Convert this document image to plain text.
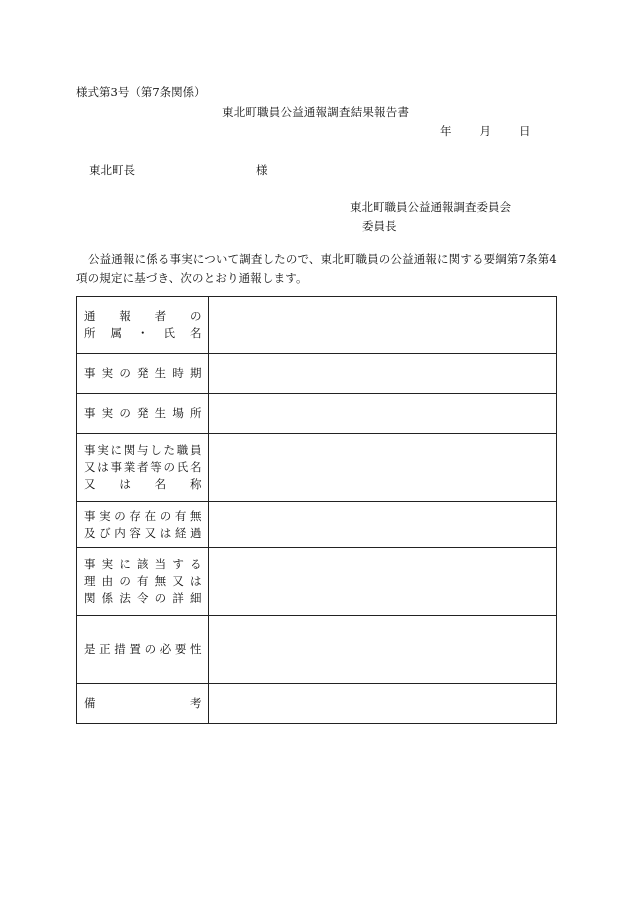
様式第3号（第7条関係）
東北町職員公益通報調査結果報告書
年 月 日
東北町長	様
東北町職員公益通報調査委員会
委員長
公益通報に係る事実について調査したので、東北町職員の公益通報に関する要綱第7条第4項の規定に基づき、次のとおり通報します。
通報者の
所属・氏名	

事実の発生時期	

事実の発生場所	

事実に関与した職員
又は事業者等の氏名
又は名称	

事実の存在の有無
及び内容又は経過	

事実に該当する
理由の有無又は
関係法令の詳細	

是正措置の必要性	

備考	
